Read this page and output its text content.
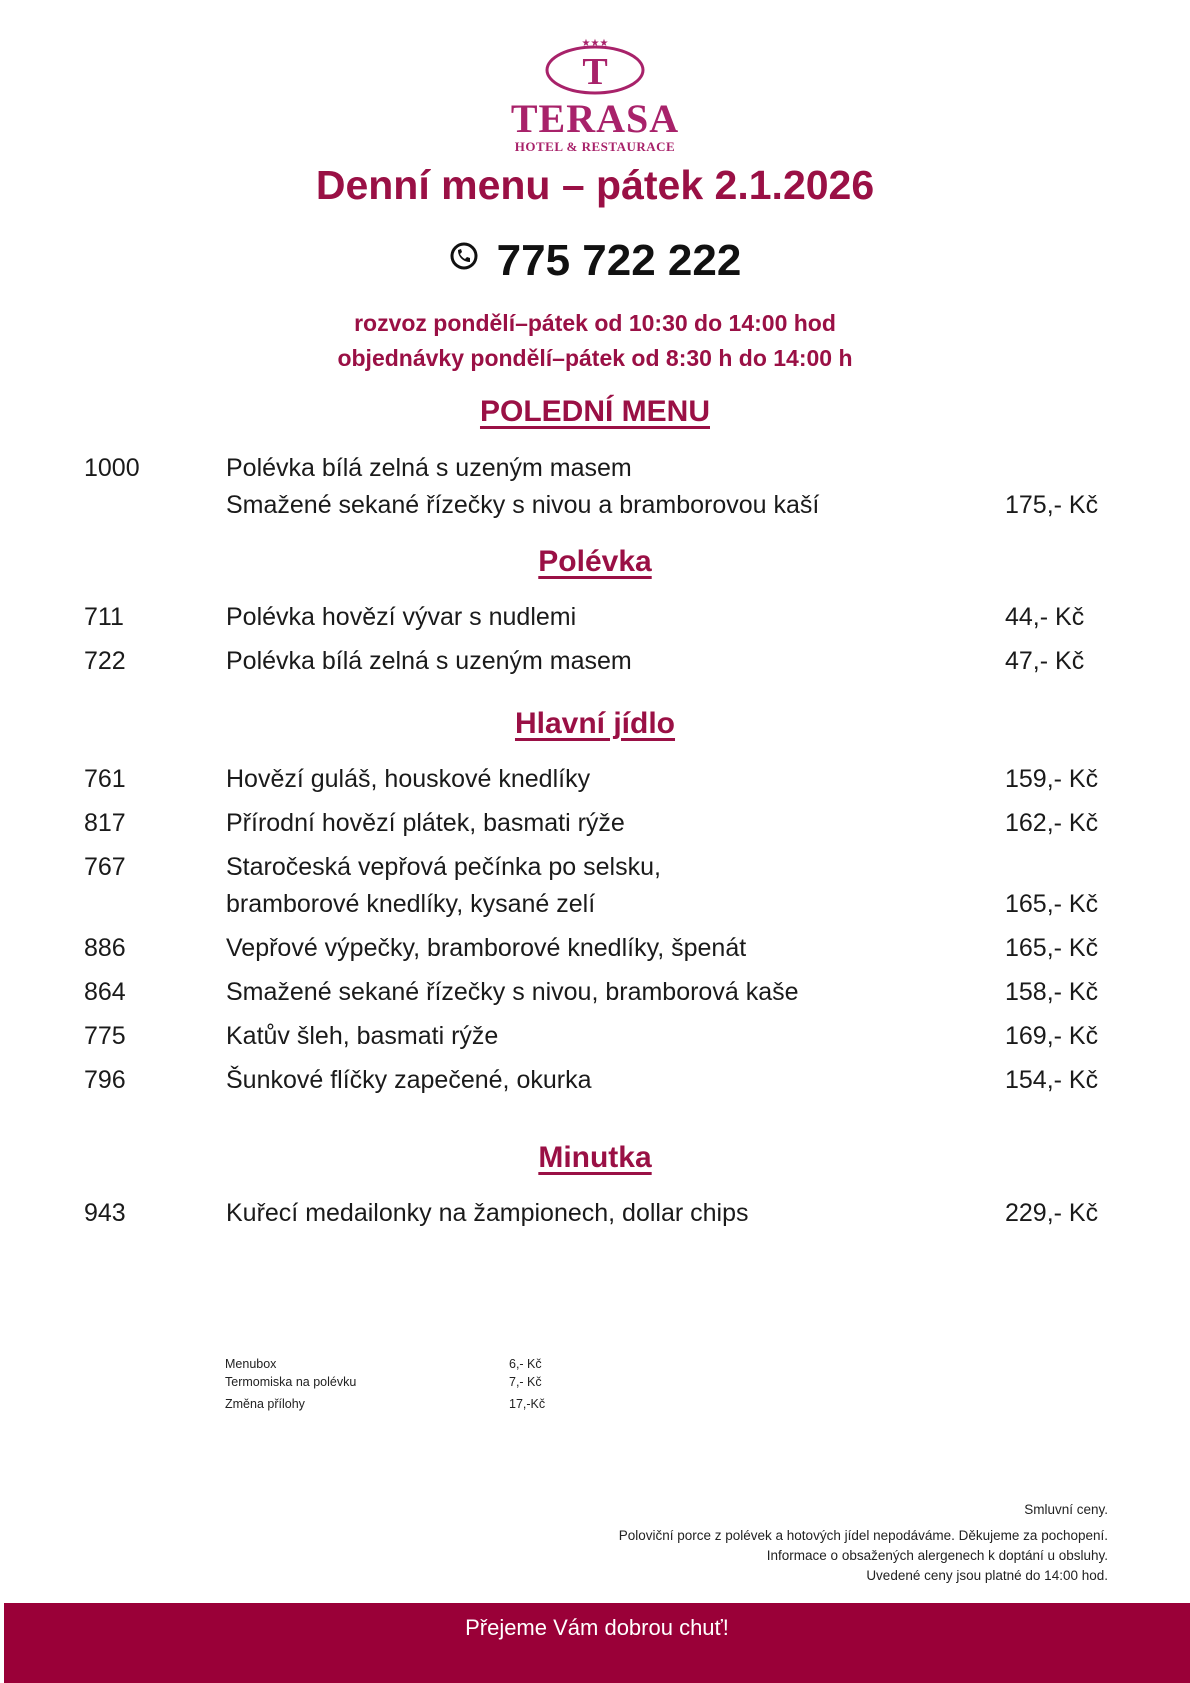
★★★
T
TERASA
HOTEL & RESTAURACE
Denní menu – pátek 2.1.2026
775 722 222
rozvoz pondělí–pátek od 10:30 do 14:00 hod
objednávky pondělí–pátek od 8:30 h do 14:00 h
POLEDNÍ MENU
1000	Polévka bílá zelná s uzeným masem
Smažené sekané řízečky s nivou a bramborovou kaší	175,- Kč
Polévka
711	Polévka hovězí vývar s nudlemi	44,- Kč
722	Polévka bílá zelná s uzeným masem	47,- Kč
Hlavní jídlo
761	Hovězí guláš, houskové knedlíky	159,- Kč
817	Přírodní hovězí plátek, basmati rýže	162,- Kč
767	Staročeská vepřová pečínka po selsku,
bramborové knedlíky, kysané zelí	165,- Kč
886	Vepřové výpečky, bramborové knedlíky, špenát	165,- Kč
864	Smažené sekané řízečky s nivou, bramborová kaše	158,- Kč
775	Katův šleh, basmati rýže	169,- Kč
796	Šunkové flíčky zapečené, okurka	154,- Kč
Minutka
943	Kuřecí medailonky na žampionech, dollar chips	229,- Kč
Menubox	6,- Kč
Termomiska na polévku	7,- Kč
Změna přílohy	17,-Kč
Smluvní ceny.
Poloviční porce z polévek a hotových jídel nepodáváme. Děkujeme za pochopení.
Informace o obsažených alergenech k doptání u obsluhy.
Uvedené ceny jsou platné do 14:00 hod.
Přejeme Vám dobrou chuť!
